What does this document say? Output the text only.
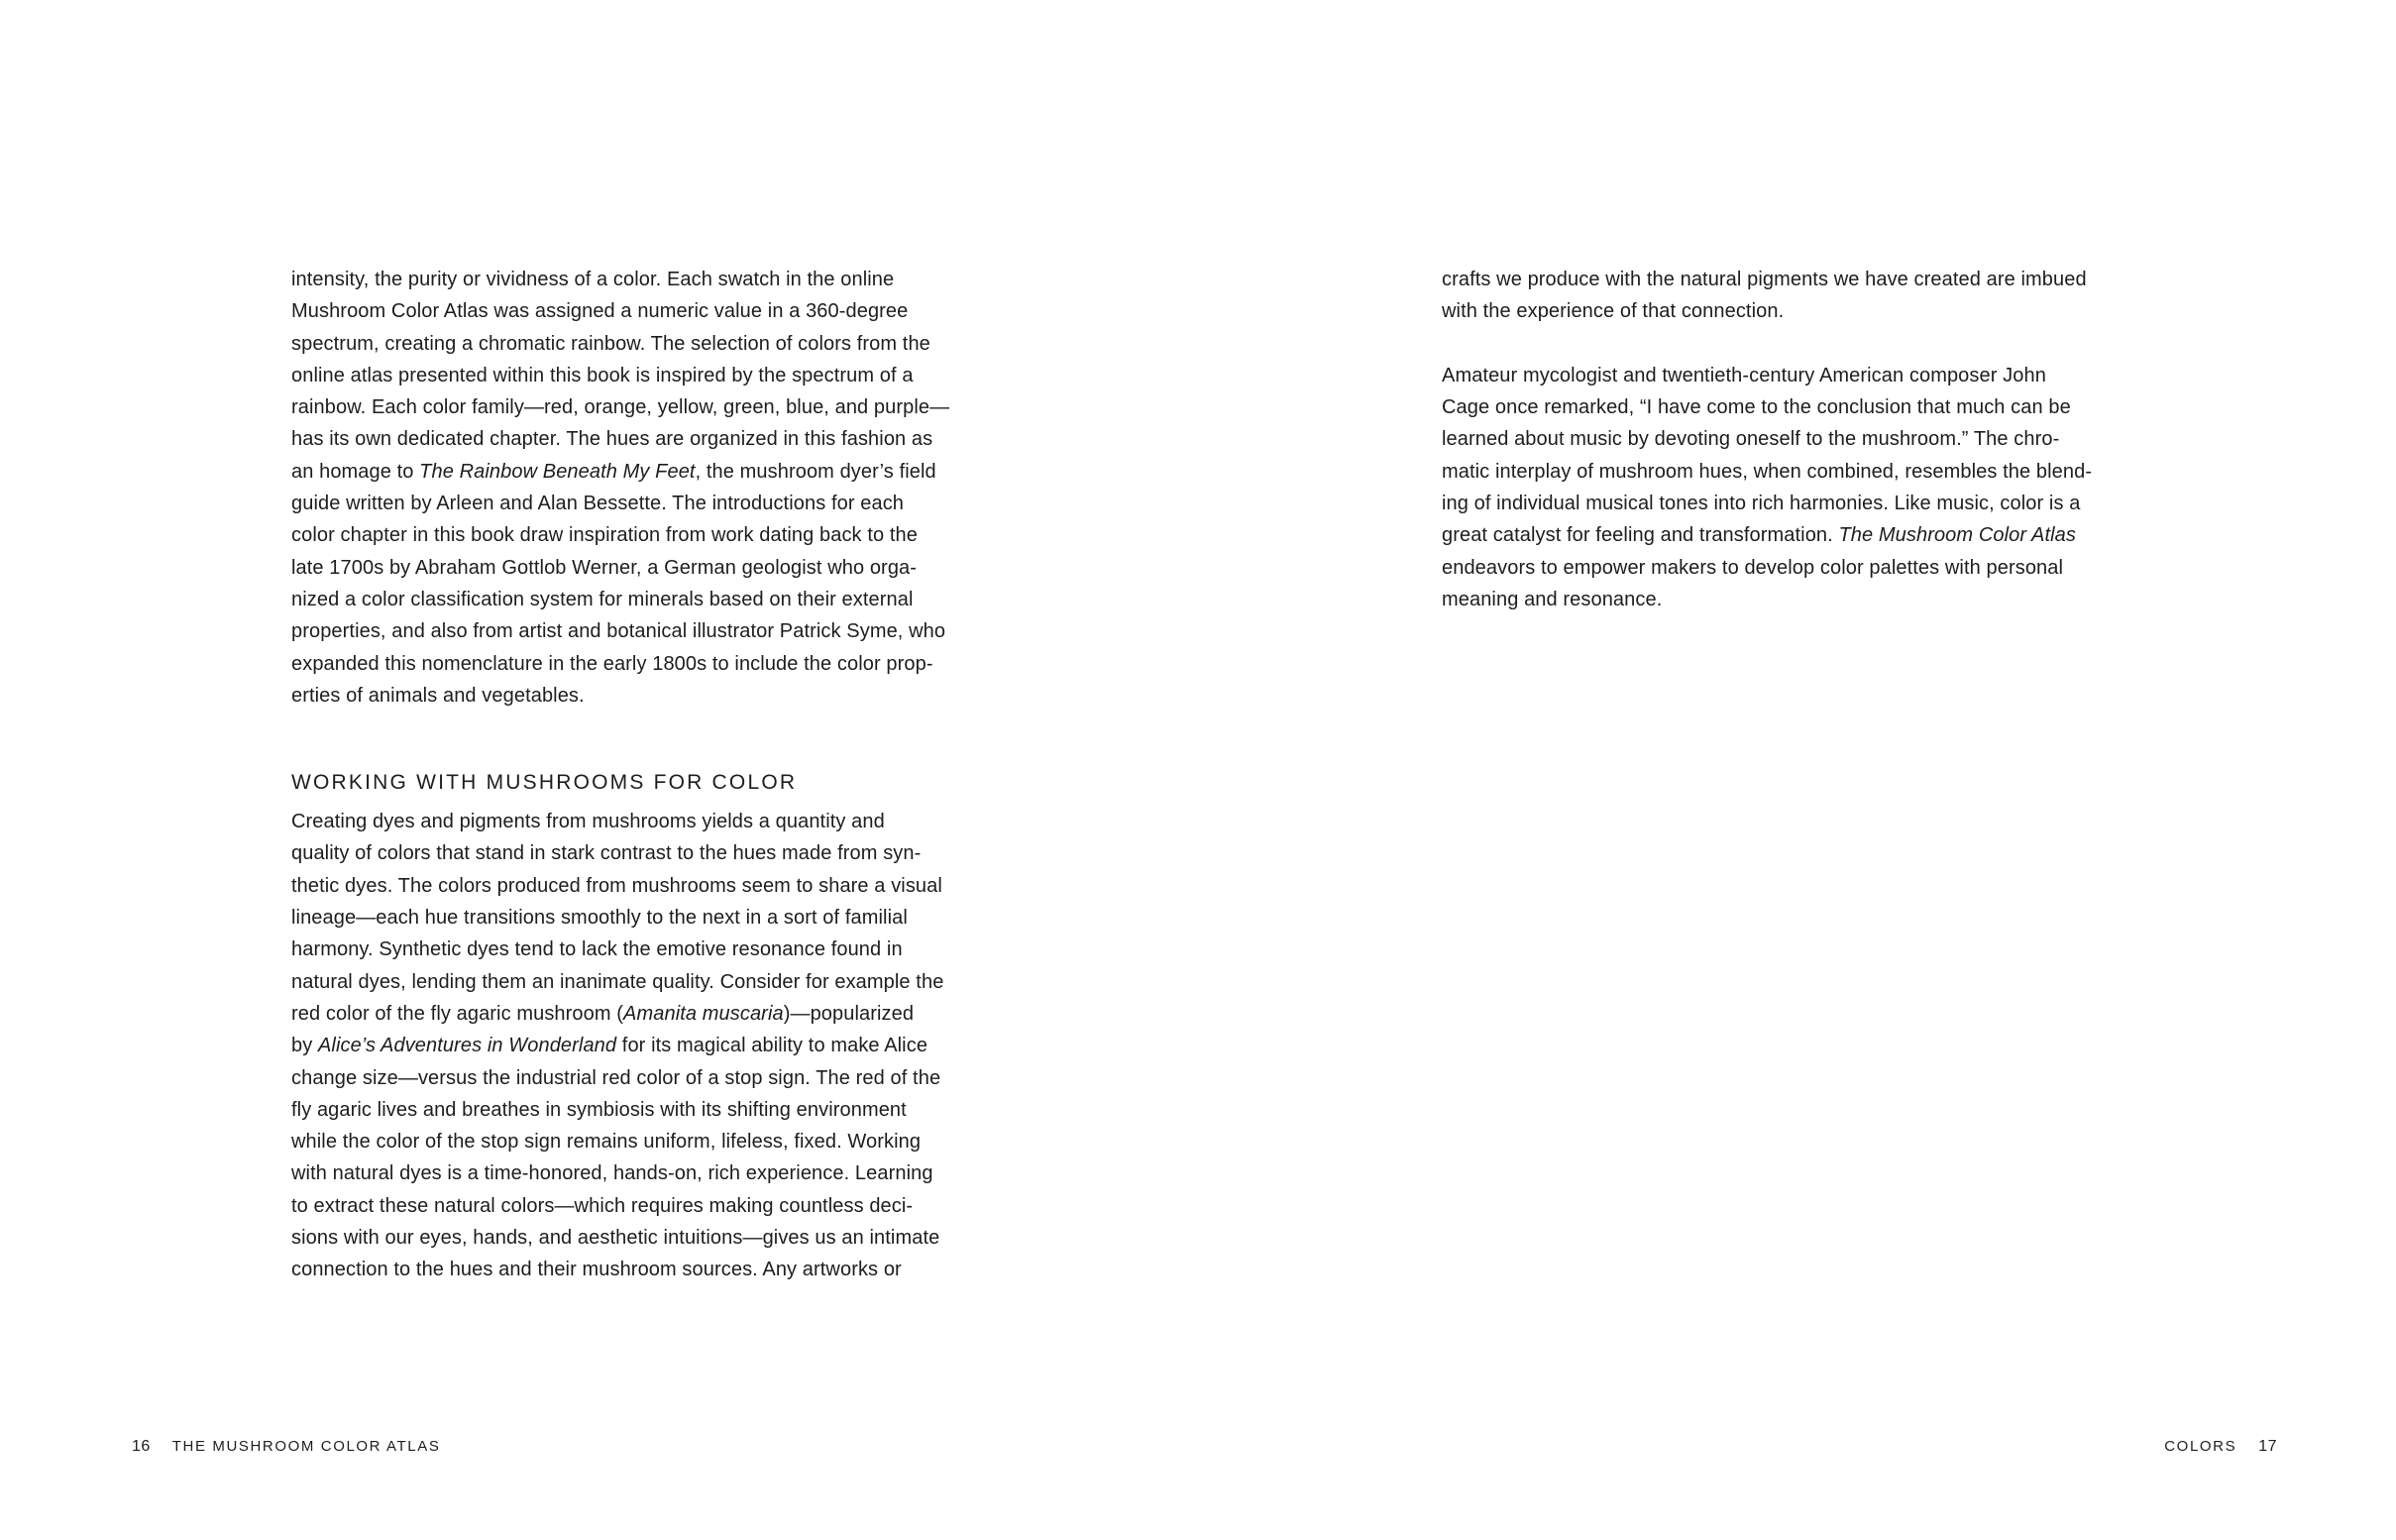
intensity, the purity or vividness of a color. Each swatch in the online
Mushroom Color Atlas was assigned a numeric value in a 360-degree
spectrum, creating a chromatic rainbow. The selection of colors from the
online atlas presented within this book is inspired by the spectrum of a
rainbow. Each color family—red, orange, yellow, green, blue, and purple—
has its own dedicated chapter. The hues are organized in this fashion as
an homage to The Rainbow Beneath My Feet, the mushroom dyer’s field
guide written by Arleen and Alan Bessette. The introductions for each
color chapter in this book draw inspiration from work dating back to the
late 1700s by Abraham Gottlob Werner, a German geologist who orga-
nized a color classification system for minerals based on their external
properties, and also from artist and botanical illustrator Patrick Syme, who
expanded this nomenclature in the early 1800s to include the color prop-
erties of animals and vegetables.
WORKING WITH MUSHROOMS FOR COLOR
Creating dyes and pigments from mushrooms yields a quantity and
quality of colors that stand in stark contrast to the hues made from syn-
thetic dyes. The colors produced from mushrooms seem to share a visual
lineage—each hue transitions smoothly to the next in a sort of familial
harmony. Synthetic dyes tend to lack the emotive resonance found in
natural dyes, lending them an inanimate quality. Consider for example the
red color of the fly agaric mushroom (Amanita muscaria)—popularized
by Alice’s Adventures in Wonderland for its magical ability to make Alice
change size—versus the industrial red color of a stop sign. The red of the
fly agaric lives and breathes in symbiosis with its shifting environment
while the color of the stop sign remains uniform, lifeless, fixed. Working
with natural dyes is a time-honored, hands-on, rich experience. Learning
to extract these natural colors—which requires making countless deci-
sions with our eyes, hands, and aesthetic intuitions—gives us an intimate
connection to the hues and their mushroom sources. Any artworks or
16 THE MUSHROOM COLOR ATLAS
crafts we produce with the natural pigments we have created are imbued
with the experience of that connection.
Amateur mycologist and twentieth-century American composer John
Cage once remarked, “I have come to the conclusion that much can be
learned about music by devoting oneself to the mushroom.” The chro-
matic interplay of mushroom hues, when combined, resembles the blend-
ing of individual musical tones into rich harmonies. Like music, color is a
great catalyst for feeling and transformation. The Mushroom Color Atlas
endeavors to empower makers to develop color palettes with personal
meaning and resonance.
COLORS 17
